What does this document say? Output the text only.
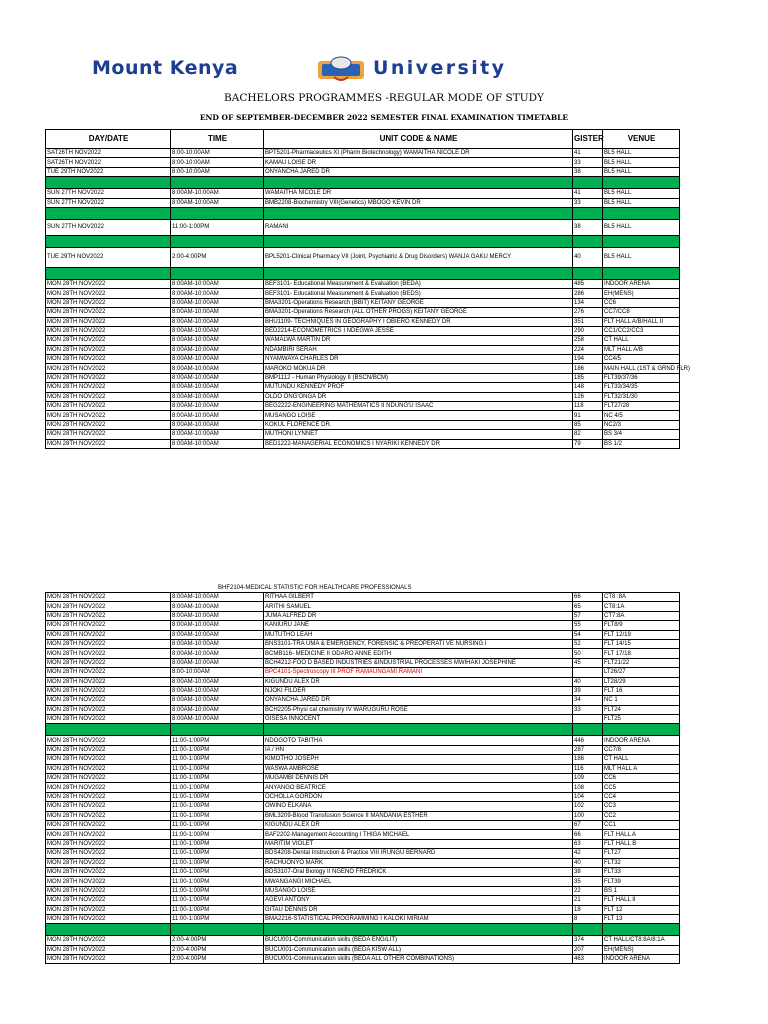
Mount Kenya	University
BACHELORS PROGRAMMES -REGULAR MODE OF STUDY
END OF SEPTEMBER-DECEMBER 2022 SEMESTER FINAL EXAMINATION TIMETABLE
DAY/DATE	TIME	UNIT CODE & NAME	GISTER	VENUE
SAT26TH NOV2022	8:00-10:00AM	BPT5201-Pharmaceutics XI (Pharm Biotechnology) WAMAITHA NICOLE DR	41	BL5 HALL
SAT26TH NOV2022	8:00-10:00AM	KAMAU LOISE DR	33	BL5 HALL
TUE 29TH NOV2022	8:00-10:00AM	ONYANCHA JARED DR	38	BL5 HALL

SUN 27TH NOV2022	8:00AM-10:00AM	WAMAITHA NICOLE DR	41	BL5 HALL
SUN 27TH NOV2022	8:00AM-10:00AM	BMB2208-Biochemistry VIII(Genetics) MBOGO KEVIN DR	33	BL5 HALL

SUN 27TH NOV2022	11:00-1:00PM	RAMANI	38	BL5 HALL

TUE 29TH NOV2022	2:00-4:00PM	BPL5201-Clinical Pharmacy VII (Joint, Psychiatric & Drug Disorders) WANJA GAKU MERCY	40	BL5 HALL

MON 28TH NOV2022	8:00AM-10:00AM	BEF3101- Educational Measurement & Evaluation (BEDA)	485	INDOOR ARENA
MON 28TH NOV2022	8:00AM-10:00AM	BEF3101- Educational Measurement & Evaluation (BEDS)	286	EH(MENS)
MON 28TH NOV2022	8:00AM-10:00AM	BMA3201-Operations Research (BBIT) KEITANY GEORGE	134	CC6
MON 28TH NOV2022	8:00AM-10:00AM	BMA3201-Operations Research (ALL OTHER PROGS) KEITANY GEORGE	276	CC7/CC8
MON 28TH NOV2022	8:00AM-10:00AM	BHU1109- TECHNIQUES IN GEOGRAPHY I OBIERO KENNEDY DR	351	FLT HALL A/B/HALL II
MON 28TH NOV2022	8:00AM-10:00AM	BED2214-ECONOMETRICS I NDEGWA JESSE	290	CC1/CC2/CC3
MON 28TH NOV2022	8:00AM-10:00AM	WAMALWA MARTIN DR	258	CT HALL
MON 28TH NOV2022	8:00AM-10:00AM	NDAMBIRI SERAH	224	MLT HALL A/B
MON 28TH NOV2022	8:00AM-10:00AM	NYAMWAYA CHARLES DR	194	CC4/5
MON 28TH NOV2022	8:00AM-10:00AM	MAROKO MOKUA DR	186	MAIN HALL (1ST & GRND FLR)
MON 28TH NOV2022	8:00AM-10:00AM	BMP1112 - Human Physiology II (BSCN/BCM)	185	FLT39/37/36
MON 28TH NOV2022	8:00AM-10:00AM	MUTUNDU KENNEDY PROF	148	FLT33/34/35
MON 28TH NOV2022	8:00AM-10:00AM	OLDO ONG'ONGA DR	126	FLT32/31/30
MON 28TH NOV2022	8:00AM-10:00AM	BEG2222-ENGINEERING MATHEMATICS II NDUNG'U ISAAC	118	FLT27/28
MON 28TH NOV2022	8:00AM-10:00AM	MUSANGO LOISE	91	NC 4/5
MON 28TH NOV2022	8:00AM-10:00AM	KOKUL FLORENCE DR.	85	NC2/3
MON 28TH NOV2022	8:00AM-10:00AM	MUTHONI LYNNET	82	BS 3/4
MON 28TH NOV2022	8:00AM-10:00AM	BED1222-MANAGERIAL ECONOMICS I NYARIKI KENNEDY DR	79	BS 1/2
BHF2104-MEDICAL STATISTIC FOR HEALTHCARE PROFESSIONALS
MON 28TH NOV2022	8:00AM-10:00AM	RITHAA GILBERT	66	CT8 :8A
MON 28TH NOV2022	8:00AM-10:00AM	ARITHI SAMUEL	65	CT8:1A
MON 28TH NOV2022	8:00AM-10:00AM	JUMA ALFRED DR	57	CT7:8A
MON 28TH NOV2022	8:00AM-10:00AM	KANIURU JANE	55	FLT8/9
MON 28TH NOV2022	8:00AM-10:00AM	MUTUTHO LEAH	54	FLT 12/19
MON 28TH NOV2022	8:00AM-10:00AM	BNS3101-TRA UMA & EMERGENCY, FORENSIC & PREOPERATI VE NURSING I	52	FLT 14/15
MON 28TH NOV2022	8:00AM-10:00AM	BCMB116- MEDICINE II ODARO ANNE EDITH	50	FLT 17/18
MON 28TH NOV2022	8:00AM-10:00AM	BCH4212-FOO D BASED INDUSTRIES &INDUSTRIAL PROCESSES MWIHAKI JOSEPHINE	45	FLT21/22
MON 28TH NOV2022	8:00-10:00AM	BPC4101-Spectroscopy III PROF RAMAUNGAMI RAMANI		LT26/27
MON 28TH NOV2022	8:00AM-10:00AM	KIGUNDU ALEX DR	40	LT28/29
MON 28TH NOV2022	8:00AM-10:00AM	NJOKI FILDER	39	FLT 16
MON 28TH NOV2022	8:00AM-10:00AM	ONYANCHA JARED DR	34	NC 1
MON 28TH NOV2022	8:00AM-10:00AM	BCH2205-Physi cal chemistry IV WARUGURU ROSE	33	FLT24
MON 28TH NOV2022	8:00AM-10:00AM	GISESA INNOCENT		FLT25

MON 28TH NOV2022	11:00-1:00PM	NDOGOTO TABITHA	446	INDOOR ARENA
MON 28TH NOV2022	11:00-1:00PM	IA / HN	287	CC7/8
MON 28TH NOV2022	11:00-1:00PM	KIMOTHO JOSEPH	186	CT HALL
MON 28TH NOV2022	11:00-1:00PM	WASWA AMBROSE	116	MLT HALL A
MON 28TH NOV2022	11:00-1:00PM	MUGAMBI DENNIS DR	109	CC6
MON 28TH NOV2022	11:00-1:00PM	ANYANGO BEATRICE	108	CC5
MON 28TH NOV2022	11:00-1:00PM	OCHOLLA GORDON	104	CC4
MON 28TH NOV2022	11:00-1:00PM	OWINO ELKANA	102	CC3
MON 28TH NOV2022	11:00-1:00PM	BML3209-Blood Transfusion Science II MANDANIA ESTHER	100	CC2
MON 28TH NOV2022	11:00-1:00PM	KIGUNDU ALEX DR	67	CC1
MON 28TH NOV2022	11:00-1:00PM	BAF2202-Management Accounting I THIGA MICHAEL	66	FLT HALL A
MON 28TH NOV2022	11:00-1:00PM	MARITIM VIOLET	63	FLT HALL B
MON 28TH NOV2022	11:00-1:00PM	BDS4208-Dental Instruction & Practice VIII IRUNGU BERNARD	42	FLT27
MON 28TH NOV2022	11:00-1:00PM	RACHUONYO MARK	40	FLT32
MON 28TH NOV2022	11:00-1:00PM	BDS3107-Oral Biology II NGENO FREDRICK	38	FLT33
MON 28TH NOV2022	11:00-1:00PM	MWANGANGI MICHAEL	35	FLT39
MON 28TH NOV2022	11:00-1:00PM	MUSANGO LOISE	22	BS 1
MON 28TH NOV2022	11:00-1:00PM	AGEVI ANTONY	21	FLT HALL II
MON 28TH NOV2022	11:00-1:00PM	GITAU DENNIS DR	18	FLT 12
MON 28TH NOV2022	11:00-1:00PM	BMA2216-STATISTICAL PROGRAMMING I KALOKI MIRIAM	8	FLT 13

MON 28TH NOV2022	2:00-4:00PM	BUCU001-Communication skills (BEDA ENG/LIT)	374	CT HALL/CT8:8A/8:1A
MON 28TH NOV2022	2:00-4:00PM	BUCU001-Communication skills (BEDA KISW ALL)	207	EH(MENS)
MON 28TH NOV2022	2:00-4:00PM	BUCU001-Communication skills (BEDA ALL OTHER COMBINATIONS)	463	INDOOR ARENA
